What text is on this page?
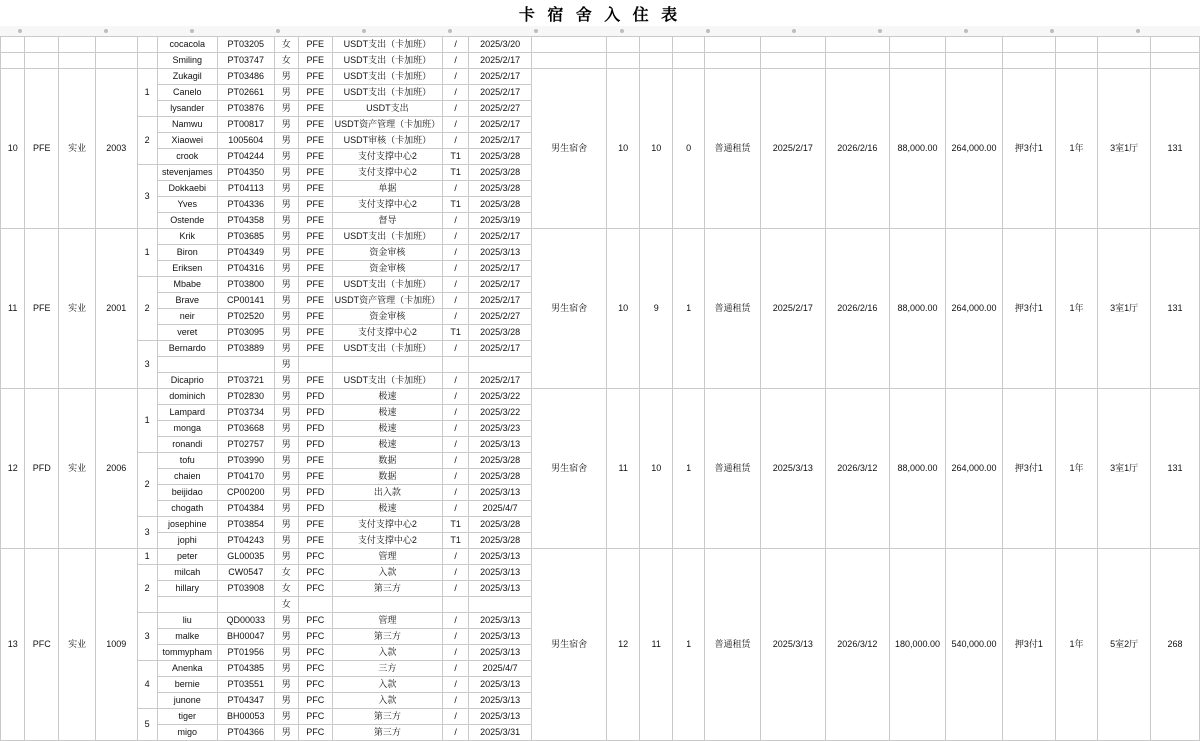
卡 宿 舍 入 住 表
					cocacola	PT03205	女	PFE	USDT支出（卡加班）	/	2025/3/20													
					Smiling	PT03747	女	PFE	USDT支出（卡加班）	/	2025/2/17													
10	PFE	实业	2003	1	Zukagil	PT03486	男	PFE	USDT支出（卡加班）	/	2025/2/17	男生宿舍	10	10	0	普通租赁	2025/2/17	2026/2/16	88,000.00	264,000.00	押3付1	1年	3室1厅	131
					Canelo	PT02661	男	PFE	USDT支出（卡加班）	/	2025/2/17													
					lysander	PT03876	男	PFE	USDT支出	/	2025/2/27													
				2	Namwu	PT00817	男	PFE	USDT资产管理（卡加班）	/	2025/2/17													
					Xiaowei	1005604	男	PFE	USDT审核（卡加班）	/	2025/2/17													
					crook	PT04244	男	PFE	支付支撑中心2	T1	2025/3/28													
				3	stevenjames	PT04350	男	PFE	支付支撑中心2	T1	2025/3/28													
					Dokkaebi	PT04113	男	PFE	单据	/	2025/3/28													
					Yves	PT04336	男	PFE	支付支撑中心2	T1	2025/3/28													
					Ostende	PT04358	男	PFE	督导	/	2025/3/19													
11	PFE	实业	2001	1	Krik	PT03685	男	PFE	USDT支出（卡加班）	/	2025/2/17	男生宿舍	10	9	1	普通租赁	2025/2/17	2026/2/16	88,000.00	264,000.00	押3付1	1年	3室1厅	131
					Biron	PT04349	男	PFE	资金审核	/	2025/3/13													
					Eriksen	PT04316	男	PFE	资金审核	/	2025/2/17													
				2	Mbabe	PT03800	男	PFE	USDT支出（卡加班）	/	2025/2/17													
					Brave	CP00141	男	PFE	USDT资产管理（卡加班）	/	2025/2/17													
					neir	PT02520	男	PFE	资金审核	/	2025/2/27													
					veret	PT03095	男	PFE	支付支撑中心2	T1	2025/3/28													
				3	Bernardo	PT03889	男	PFE	USDT支出（卡加班）	/	2025/2/17													
							男																	
					Dicaprio	PT03721	男	PFE	USDT支出（卡加班）	/	2025/2/17													
12	PFD	实业	2006	1	dominich	PT02830	男	PFD	极速	/	2025/3/22	男生宿舍	11	10	1	普通租赁	2025/3/13	2026/3/12	88,000.00	264,000.00	押3付1	1年	3室1厅	131
					Lampard	PT03734	男	PFD	极速	/	2025/3/22													
					monga	PT03668	男	PFD	极速	/	2025/3/23													
					ronandi	PT02757	男	PFD	极速	/	2025/3/13													
				2	tofu	PT03990	男	PFE	数据	/	2025/3/28													
					chaien	PT04170	男	PFE	数据	/	2025/3/28													
					beijidao	CP00200	男	PFD	出入款	/	2025/3/13													
					chogath	PT04384	男	PFD	极速	/	2025/4/7													
				3	josephine	PT03854	男	PFE	支付支撑中心2	T1	2025/3/28													
					jophi	PT04243	男	PFE	支付支撑中心2	T1	2025/3/28													
13	PFC	实业	1009	1	peter	GL00035	男	PFC	管理	/	2025/3/13	男生宿舍	12	11	1	普通租赁	2025/3/13	2026/3/12	180,000.00	540,000.00	押3付1	1年	5室2厅	268
				2	milcah	CW0547	女	PFC	入款	/	2025/3/13													
					hillary	PT03908	女	PFC	第三方	/	2025/3/13													
							女																	
				3	liu	QD00033	男	PFC	管理	/	2025/3/13													
					malke	BH00047	男	PFC	第三方	/	2025/3/13													
					tommypham	PT01956	男	PFC	入款	/	2025/3/13													
				4	Anenka	PT04385	男	PFC	三方	/	2025/4/7													
					bernie	PT03551	男	PFC	入款	/	2025/3/13													
					junone	PT04347	男	PFC	入款	/	2025/3/13													
				5	tiger	BH00053	男	PFC	第三方	/	2025/3/13													
					migo	PT04366	男	PFC	第三方	/	2025/3/31													
